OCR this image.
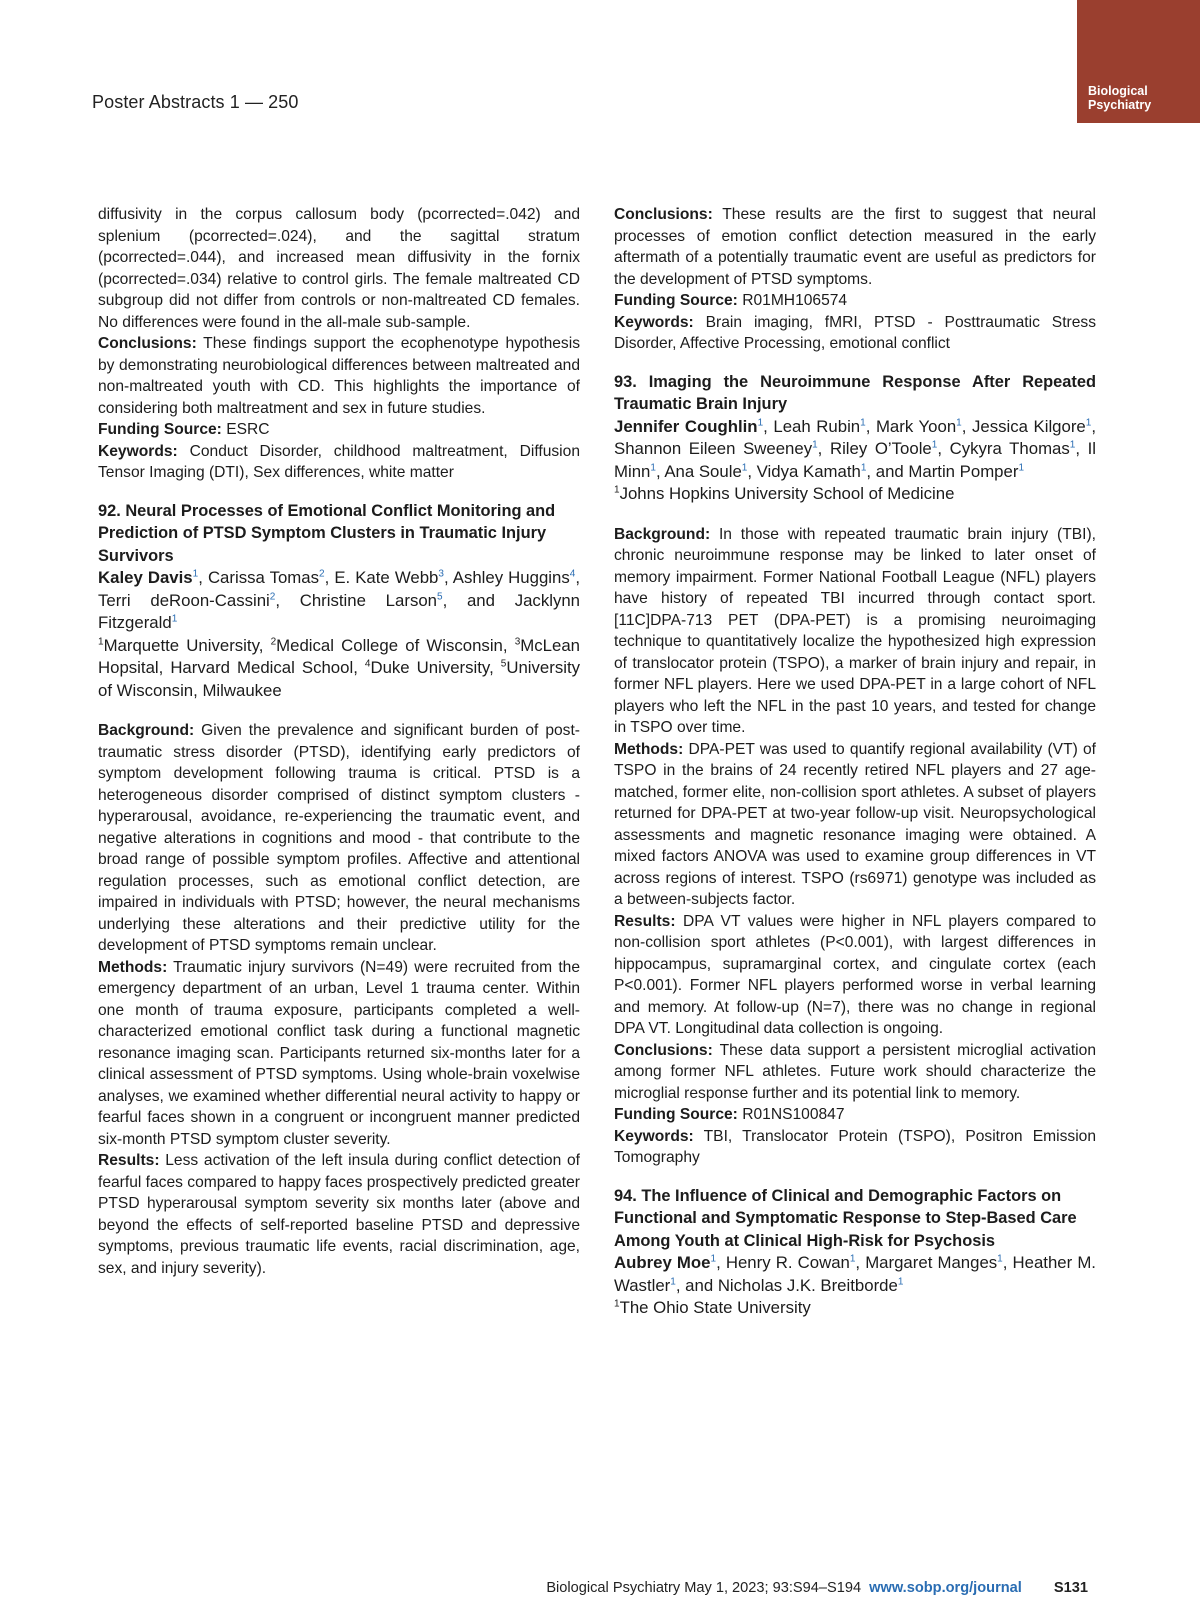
Biological
Psychiatry
Poster Abstracts 1 — 250

diffusivity in the corpus callosum body (pcorrected=.042) and splenium (pcorrected=.024), and the sagittal stratum (pcorrected=.044), and increased mean diffusivity in the fornix (pcorrected=.034) relative to control girls. The female maltreated CD subgroup did not differ from controls or non-maltreated CD females. No differences were found in the all-male sub-sample.

Conclusions: These findings support the ecophenotype hypothesis by demonstrating neurobiological differences between maltreated and non-maltreated youth with CD. This highlights the importance of considering both maltreatment and sex in future studies.

Funding Source: ESRC

Keywords: Conduct Disorder, childhood maltreatment, Diffusion Tensor Imaging (DTI), Sex differences, white matter

92. Neural Processes of Emotional Conflict Monitoring and Prediction of PTSD Symptom Clusters in Traumatic Injury Survivors

Kaley Davis$^1$, Carissa Tomas$^2$, E. Kate Webb$^3$, Ashley Huggins$^4$, Terri deRoon-Cassini$^2$, Christine Larson$^5$, and Jacklynn Fitzgerald$^1$

$^1$Marquette University, $^2$Medical College of Wisconsin, $^3$McLean Hopsital, Harvard Medical School, $^4$Duke University, $^5$University of Wisconsin, Milwaukee

Background: Given the prevalence and significant burden of post-traumatic stress disorder (PTSD), identifying early predictors of symptom development following trauma is critical. PTSD is a heterogeneous disorder comprised of distinct symptom clusters - hyperarousal, avoidance, re-experiencing the traumatic event, and negative alterations in cognitions and mood - that contribute to the broad range of possible symptom profiles. Affective and attentional regulation processes, such as emotional conflict detection, are impaired in individuals with PTSD; however, the neural mechanisms underlying these alterations and their predictive utility for the development of PTSD symptoms remain unclear.

Methods: Traumatic injury survivors (N=49) were recruited from the emergency department of an urban, Level 1 trauma center. Within one month of trauma exposure, participants completed a well-characterized emotional conflict task during a functional magnetic resonance imaging scan. Participants returned six-months later for a clinical assessment of PTSD symptoms. Using whole-brain voxelwise analyses, we examined whether differential neural activity to happy or fearful faces shown in a congruent or incongruent manner predicted six-month PTSD symptom cluster severity.

Results: Less activation of the left insula during conflict detection of fearful faces compared to happy faces prospectively predicted greater PTSD hyperarousal symptom severity six months later (above and beyond the effects of self-reported baseline PTSD and depressive symptoms, previous traumatic life events, racial discrimination, age, sex, and injury severity).

Conclusions: These results are the first to suggest that neural processes of emotion conflict detection measured in the early aftermath of a potentially traumatic event are useful as predictors for the development of PTSD symptoms.

Funding Source: R01MH106574

Keywords: Brain imaging, fMRI, PTSD - Posttraumatic Stress Disorder, Affective Processing, emotional conflict

93. Imaging the Neuroimmune Response After Repeated Traumatic Brain Injury

Jennifer Coughlin$^1$, Leah Rubin$^1$, Mark Yoon$^1$, Jessica Kilgore$^1$, Shannon Eileen Sweeney$^1$, Riley O’Toole$^1$, Cykyra Thomas$^1$, Il Minn$^1$, Ana Soule$^1$, Vidya Kamath$^1$, and Martin Pomper$^1$

$^1$Johns Hopkins University School of Medicine

Background: In those with repeated traumatic brain injury (TBI), chronic neuroimmune response may be linked to later onset of memory impairment. Former National Football League (NFL) players have history of repeated TBI incurred through contact sport. [11C]DPA-713 PET (DPA-PET) is a promising neuroimaging technique to quantitatively localize the hypothesized high expression of translocator protein (TSPO), a marker of brain injury and repair, in former NFL players. Here we used DPA-PET in a large cohort of NFL players who left the NFL in the past 10 years, and tested for change in TSPO over time.

Methods: DPA-PET was used to quantify regional availability (VT) of TSPO in the brains of 24 recently retired NFL players and 27 age-matched, former elite, non-collision sport athletes. A subset of players returned for DPA-PET at two-year follow-up visit. Neuropsychological assessments and magnetic resonance imaging were obtained. A mixed factors ANOVA was used to examine group differences in VT across regions of interest. TSPO (rs6971) genotype was included as a between-subjects factor.

Results: DPA VT values were higher in NFL players compared to non-collision sport athletes (P<0.001), with largest differences in hippocampus, supramarginal cortex, and cingulate cortex (each P<0.001). Former NFL players performed worse in verbal learning and memory. At follow-up (N=7), there was no change in regional DPA VT. Longitudinal data collection is ongoing.

Conclusions: These data support a persistent microglial activation among former NFL athletes. Future work should characterize the microglial response further and its potential link to memory.

Funding Source: R01NS100847

Keywords: TBI, Translocator Protein (TSPO), Positron Emission Tomography

94. The Influence of Clinical and Demographic Factors on Functional and Symptomatic Response to Step-Based Care Among Youth at Clinical High-Risk for Psychosis

Aubrey Moe$^1$, Henry R. Cowan$^1$, Margaret Manges$^1$, Heather M. Wastler$^1$, and Nicholas J.K. Breitborde$^1$

$^1$The Ohio State University

Biological Psychiatry May 1, 2023; 93:S94–S194 www.sobp.org/journal S131
